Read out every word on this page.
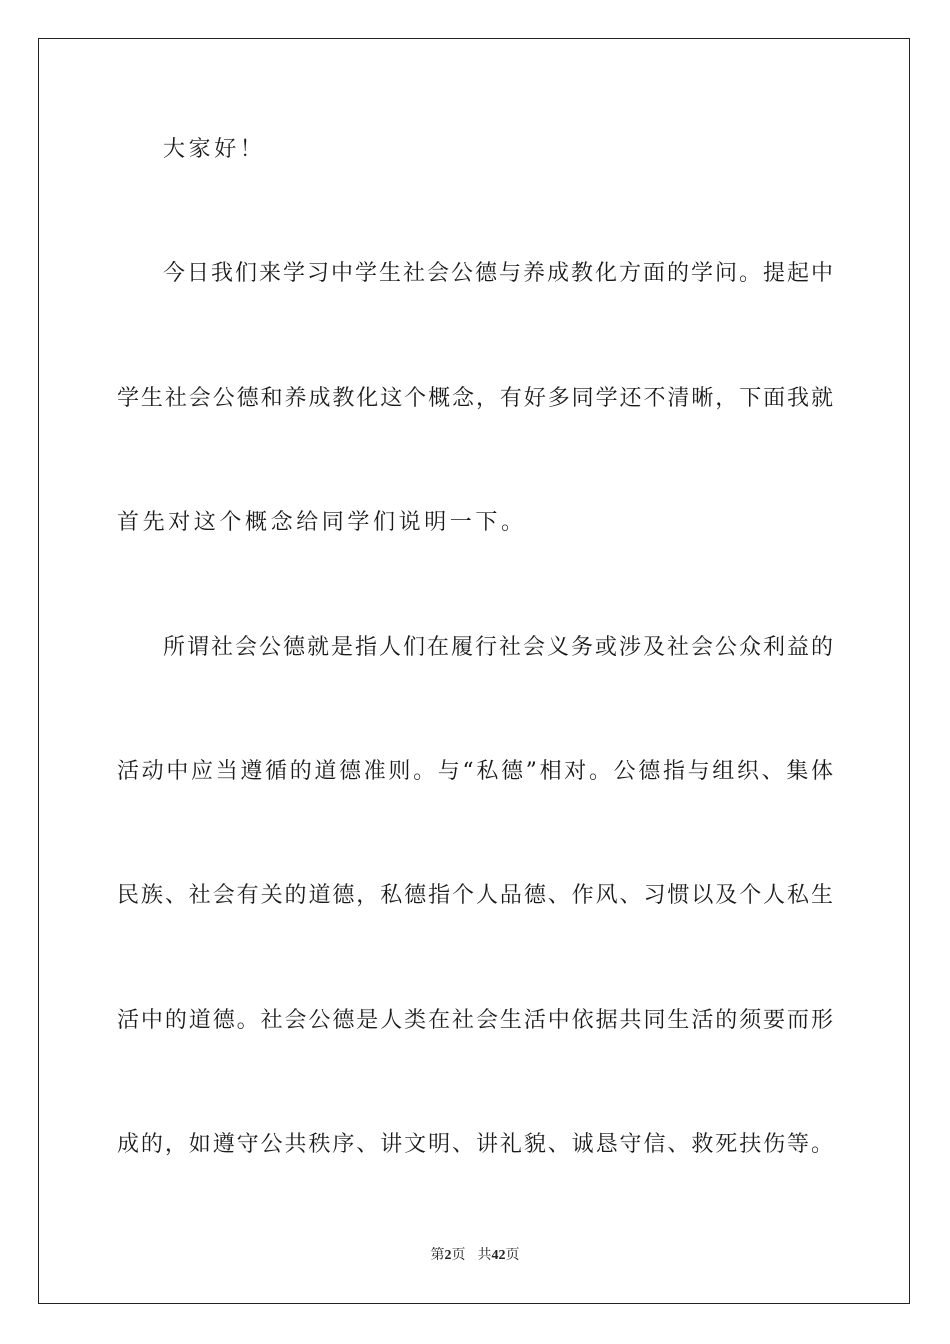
大家好！
今日我们来学习中学生社会公德与养成教化方面的学问。提起中
学生社会公德和养成教化这个概念，有好多同学还不清晰，下面我就
首先对这个概念给同学们说明一下。
所谓社会公德就是指人们在履行社会义务或涉及社会公众利益的
活动中应当遵循的道德准则。与“私德”相对。公德指与组织、集体
民族、社会有关的道德，私德指个人品德、作风、习惯以及个人私生
活中的道德。社会公德是人类在社会生活中依据共同生活的须要而形
成的，如遵守公共秩序、讲文明、讲礼貌、诚恳守信、救死扶伤等。
第2页 共42页
